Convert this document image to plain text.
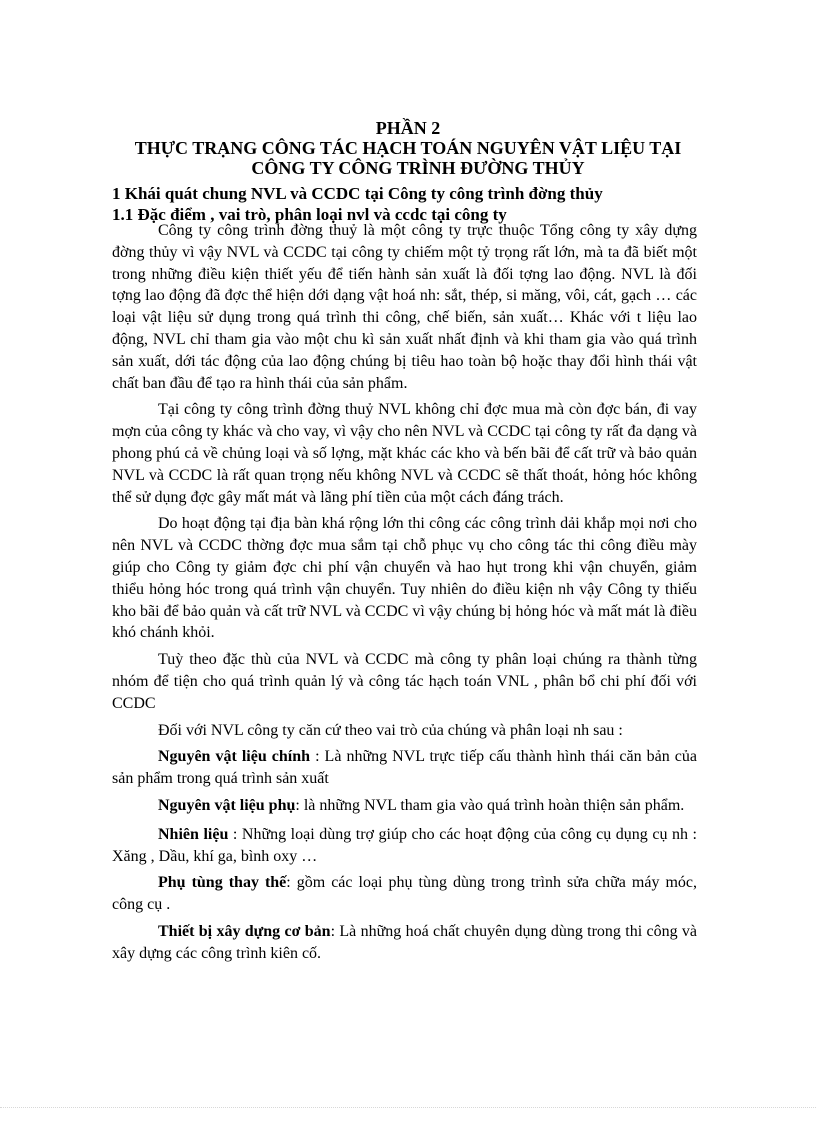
PHẦN 2
THỰC TRẠNG CÔNG TÁC HẠCH TOÁN NGUYÊN VẬT LIỆU TẠI
CÔNG TY CÔNG TRÌNH ĐƯỜNG THỦY
1 Khái quát chung NVL và CCDC tại Công ty công trình đờng thủy
1.1 Đặc điểm , vai trò, phân loại nvl và ccdc tại công ty

Công ty công trình đờng thuỷ là một công ty trực thuộc Tổng công ty xây dựng đờng thủy vì vậy NVL và CCDC tại công ty chiếm một tỷ trọng rất lớn, mà ta đã biết một trong những điều kiện thiết yếu để tiến hành sản xuất là đối tợng lao động. NVL là đối tợng lao động đã đợc thể hiện dới dạng vật hoá nh: sắt, thép, si măng, vôi, cát, gạch … các loại vật liệu sử dụng trong quá trình thi công, chế biến, sản xuất… Khác với t liệu lao động, NVL chỉ tham gia vào một chu kì sản xuất nhất định và khi tham gia vào quá trình sản xuất, dới tác động của lao động chúng bị tiêu hao toàn bộ hoặc thay đổi hình thái vật chất ban đầu để tạo ra hình thái của sản phẩm.

Tại công ty công trình đờng thuỷ NVL không chỉ đợc mua mà còn đợc bán, đi vay mợn của công ty khác và cho vay, vì vậy cho nên NVL và CCDC tại công ty rất đa dạng và phong phú cả về chủng loại và số lợng, mặt khác các kho và bến bãi để cất trữ và bảo quản NVL và CCDC là rất quan trọng nếu không NVL và CCDC sẽ thất thoát, hỏng hóc không thể sử dụng đợc gây mất mát và lãng phí tiền của một cách đáng trách.

Do hoạt động tại địa bàn khá rộng lớn thi công các công trình dải khắp mọi nơi cho nên NVL và CCDC thờng đợc mua sắm tại chỗ phục vụ cho công tác thi công điều mày giúp cho Công ty giảm đợc chi phí vận chuyển và hao hụt trong khi vận chuyển, giảm thiểu hỏng hóc trong quá trình vận chuyển. Tuy nhiên do điều kiện nh vậy Công ty thiếu kho bãi để bảo quản và cất trữ NVL và CCDC vì vậy chúng bị hỏng hóc và mất mát là điều khó chánh khỏi.

Tuỳ theo đặc thù của NVL và CCDC mà công ty phân loại chúng ra thành từng nhóm để tiện cho quá trình quản lý và công tác hạch toán VNL , phân bổ chi phí đối với CCDC

Đối với NVL công ty căn cứ theo vai trò của chúng và phân loại nh sau :

Nguyên vật liệu chính : Là những NVL trực tiếp cấu thành hình thái căn bản của sản phẩm trong quá trình sản xuất

Nguyên vật liệu phụ: là những NVL tham gia vào quá trình hoàn thiện sản phẩm.

Nhiên liệu : Những loại dùng trợ giúp cho các hoạt động của công cụ dụng cụ nh : Xăng , Dầu, khí ga, bình oxy …

Phụ tùng thay thế: gồm các loại phụ tùng dùng trong trình sửa chữa máy móc, công cụ .

Thiết bị xây dựng cơ bản: Là những hoá chất chuyên dụng dùng trong thi công và xây dựng các công trình kiên cố.
